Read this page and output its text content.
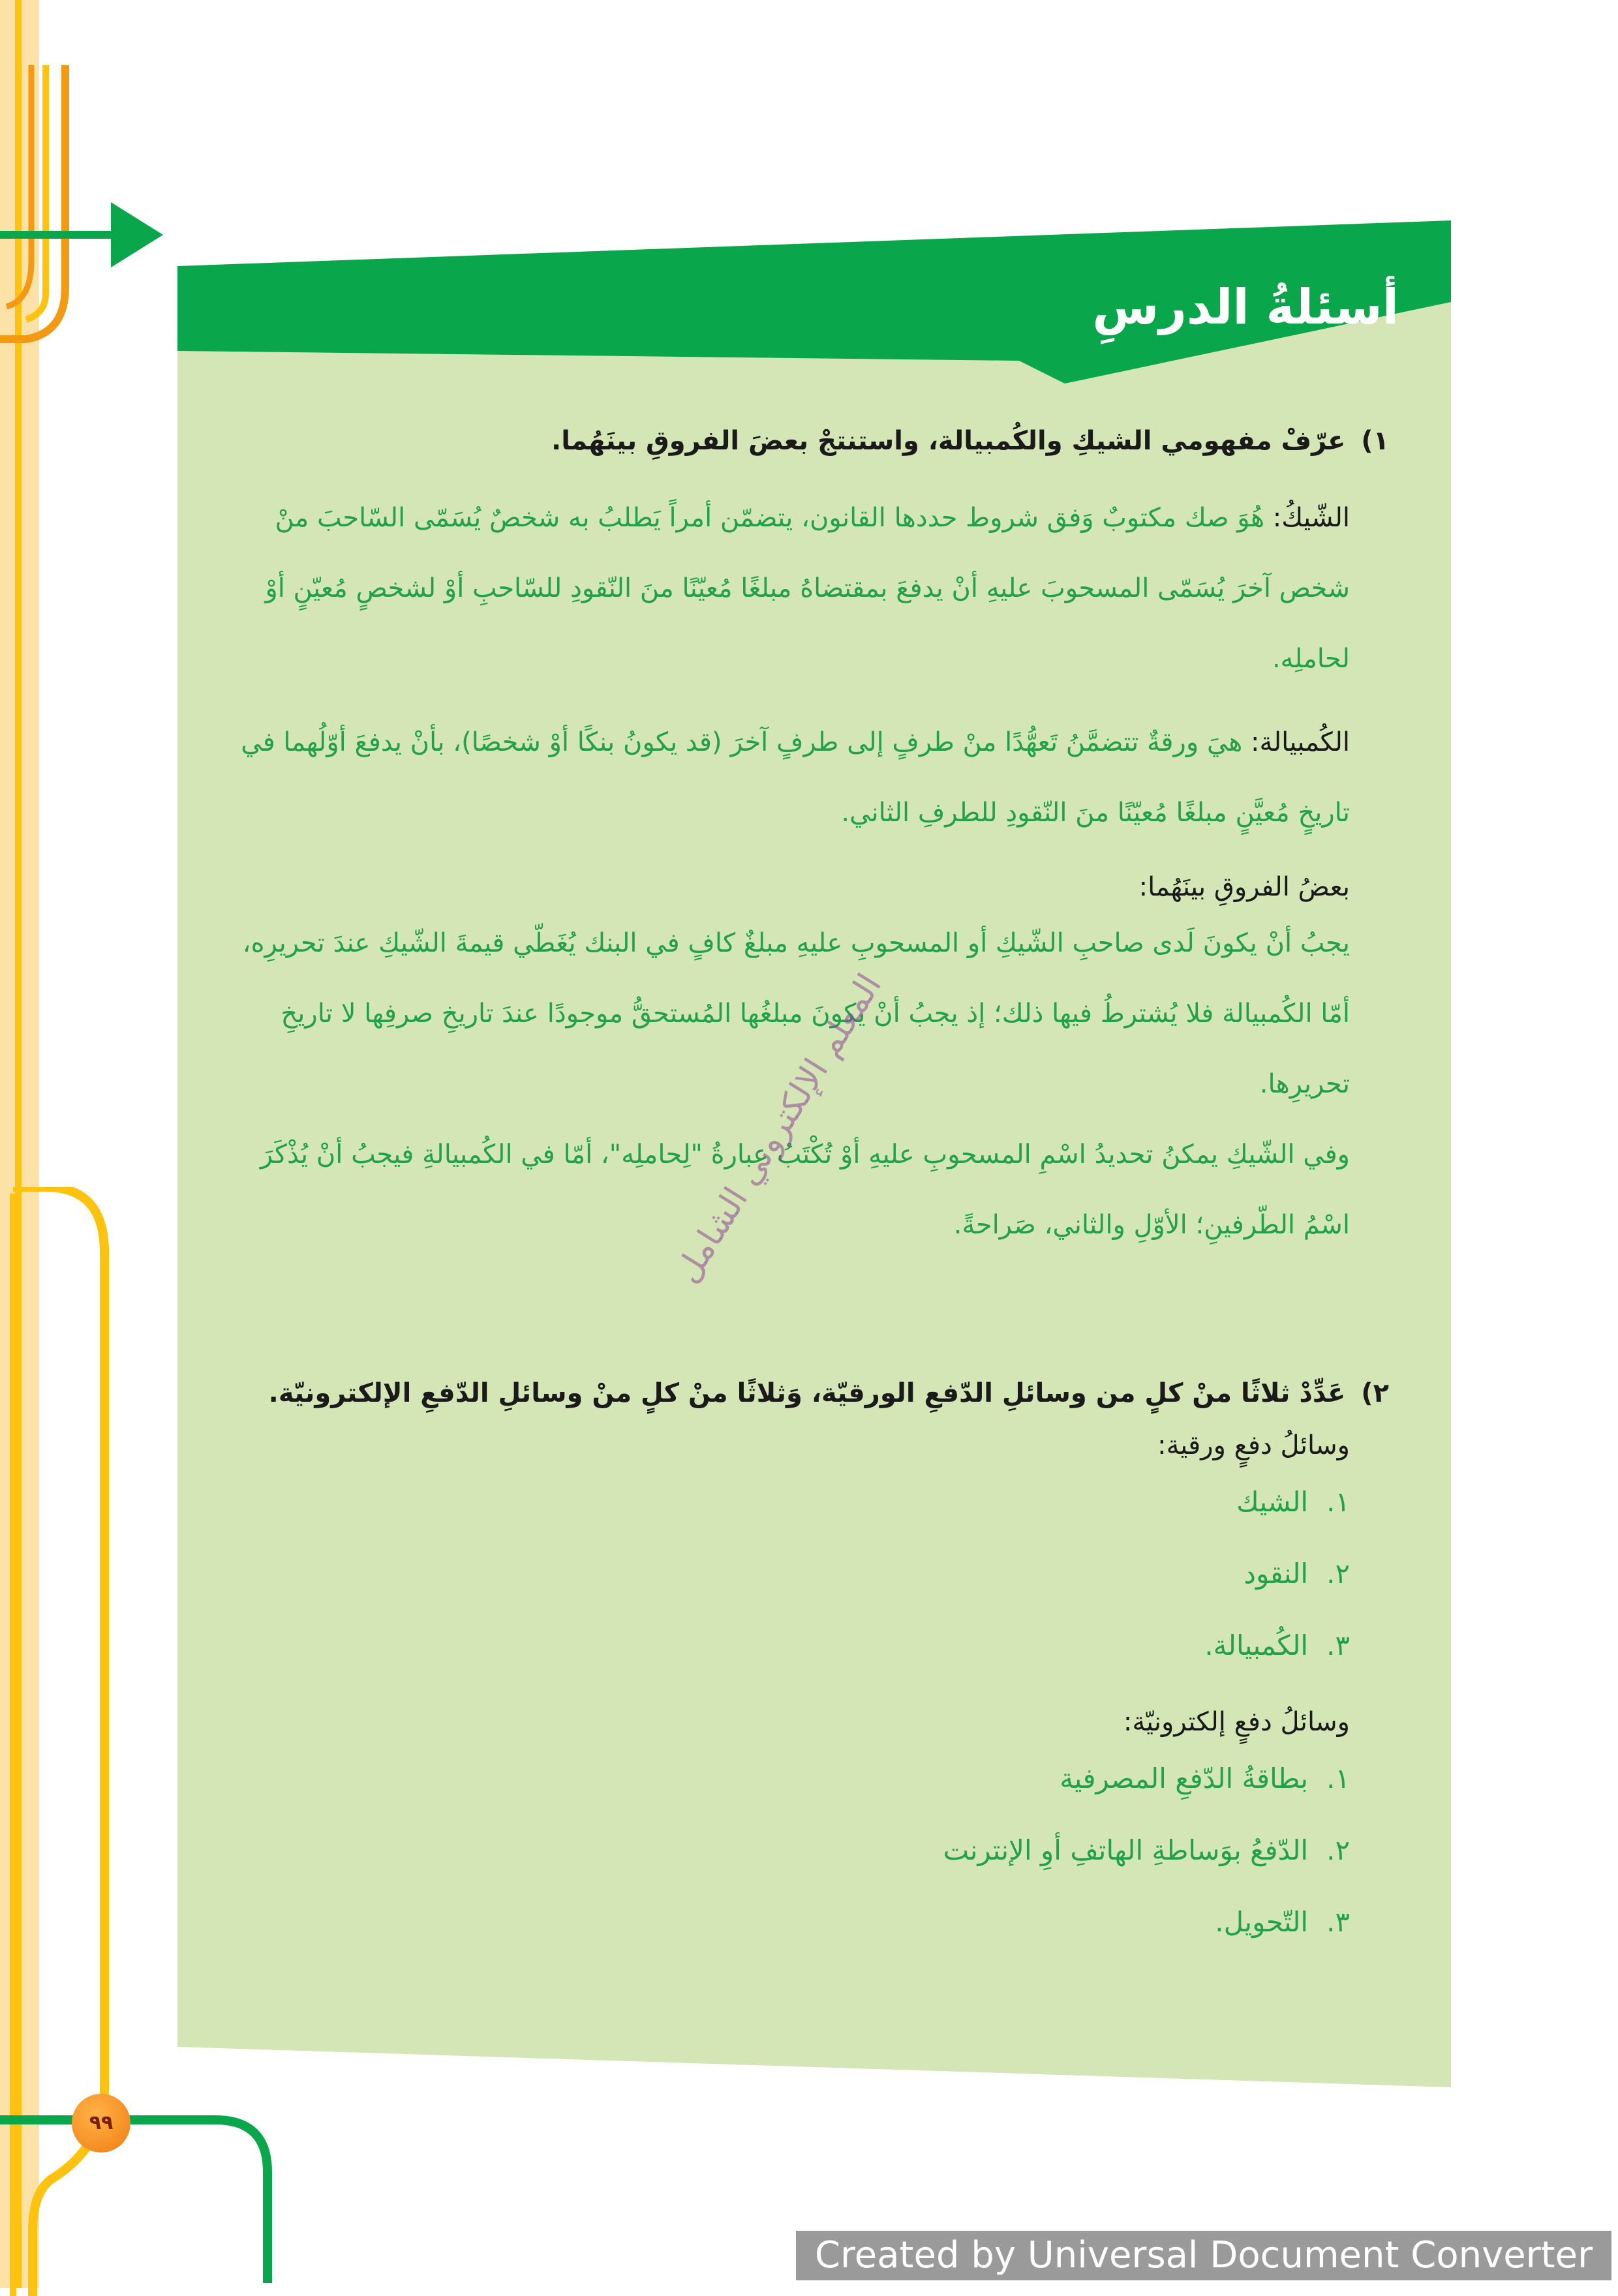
أسئلةُ الدرسِ
١)عرّفْ مفهومي الشيكِ والكُمبيالة، واستنتجْ بعضَ الفروقِ بينَهُما.
الشّيكُ: هُوَ صك مكتوبٌ وَفق شروط حددها القانون، يتضمّن أمراً يَطلبُ به شخصٌ يُسَمّى السّاحبَ منْ شخص آخرَ يُسَمّى المسحوبَ عليهِ أنْ يدفعَ بمقتضاهُ مبلغًا مُعيّنًا منَ النّقودِ للسّاحبِ أوْ لشخصٍ مُعيّنٍ أوْ لحاملِه.
الكُمبيالة: هيَ ورقةٌ تتضمَّنُ تَعهُّدًا منْ طرفٍ إلى طرفٍ آخرَ (قد يكونُ بنكًا أوْ شخصًا)، بأنْ يدفعَ أوّلُهما في تاريخٍ مُعيَّنٍ مبلغًا مُعيّنًا منَ النّقودِ للطرفِ الثاني.
بعضُ الفروقِ بينَهُما:
يجبُ أنْ يكونَ لَدى صاحبِ الشّيكِ أو المسحوبِ عليهِ مبلغٌ كافٍ في البنك يُغَطّي قيمةَ الشّيكِ عندَ تحريرِه، أمّا الكُمبيالة فلا يُشترطُ فيها ذلك؛ إذ يجبُ أنْ يكونَ مبلغُها المُستحقُّ موجودًا عندَ تاريخِ صرفِها لا تاريخِ تحريرِها.
وفي الشّيكِ يمكنُ تحديدُ اسْمِ المسحوبِ عليهِ أوْ تُكْتَبُ عبارةُ "لِحاملِه"، أمّا في الكُمبيالةِ فيجبُ أنْ يُذْكَرَ اسْمُ الطّرفينِ؛ الأوّلِ والثاني، صَراحةً.
٢)عَدِّدْ ثلاثًا منْ كلٍ من وسائلِ الدّفعِ الورقيّة، وَثلاثًا منْ كلٍ منْ وسائلِ الدّفعِ الإلكترونيّة.
وسائلُ دفعٍ ورقية:
١.الشيك
٢.النقود
٣.الكُمبيالة.
وسائلُ دفعٍ إلكترونيّة:
١.بطاقةُ الدّفعِ المصرفية
٢.الدّفعُ بوَساطةِ الهاتفِ أوِ الإنترنت
٣.التّحويل.
المعلم الإلكتروني الشامل
٩٩
Created by Universal Document Converter
